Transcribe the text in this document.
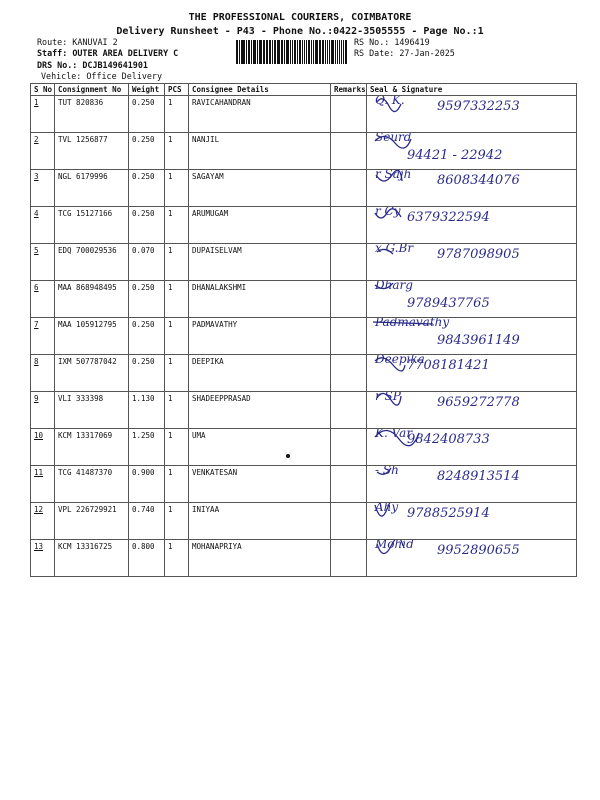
THE PROFESSIONAL COURIERS, COIMBATORE
Delivery Runsheet - P43 - Phone No.:0422-3505555 - Page No.:1
Route: KANUVAI 2
Staff: OUTER AREA DELIVERY C
DRS No.: DCJB149641901
Vehicle: Office Delivery
RS No.: 1496419
RS Date: 27-Jan-2025
S No	Consignment No	Weight	PCS	Consignee Details	Remarks	Seal & Signature
1	TUT 820836	0.250	1	RAVICAHANDRAN		Q. K. 9597332253

2	TVL 1256877	0.250	1	NANJIL		Seurd
94421 - 22942

3	NGL 6179996	0.250	1	SAGAYAM		r Sajh 8608344076

4	TCG 15127166	0.250	1	ARUMUGAM		r Cy 6379322594

5	EDQ 700029536	0.070	1	DUPAISELVAM		x G.Br 9787098905

6	MAA 868948495	0.250	1	DHANALAKSHMI		Dharg
9789437765

7	MAA 105912795	0.250	1	PADMAVATHY		Padmavathy
9843961149

8	IXM 507787042	0.250	1	DEEPIKA		Deepika
7708181421

9	VLI 333398	1.130	1	SHADEEPPRASAD		r SP 9659272778

10	KCM 13317069	1.250	1	UMA		K. Var
9842408733

11	TCG 41487370	0.900	1	VENKATESAN		- Sh 8248913514

12	VPL 226729921	0.740	1	INIYAA		Ahy 9788525914

13	KCM 13316725	0.800	1	MOHANAPRIYA		Mohid 9952890655
